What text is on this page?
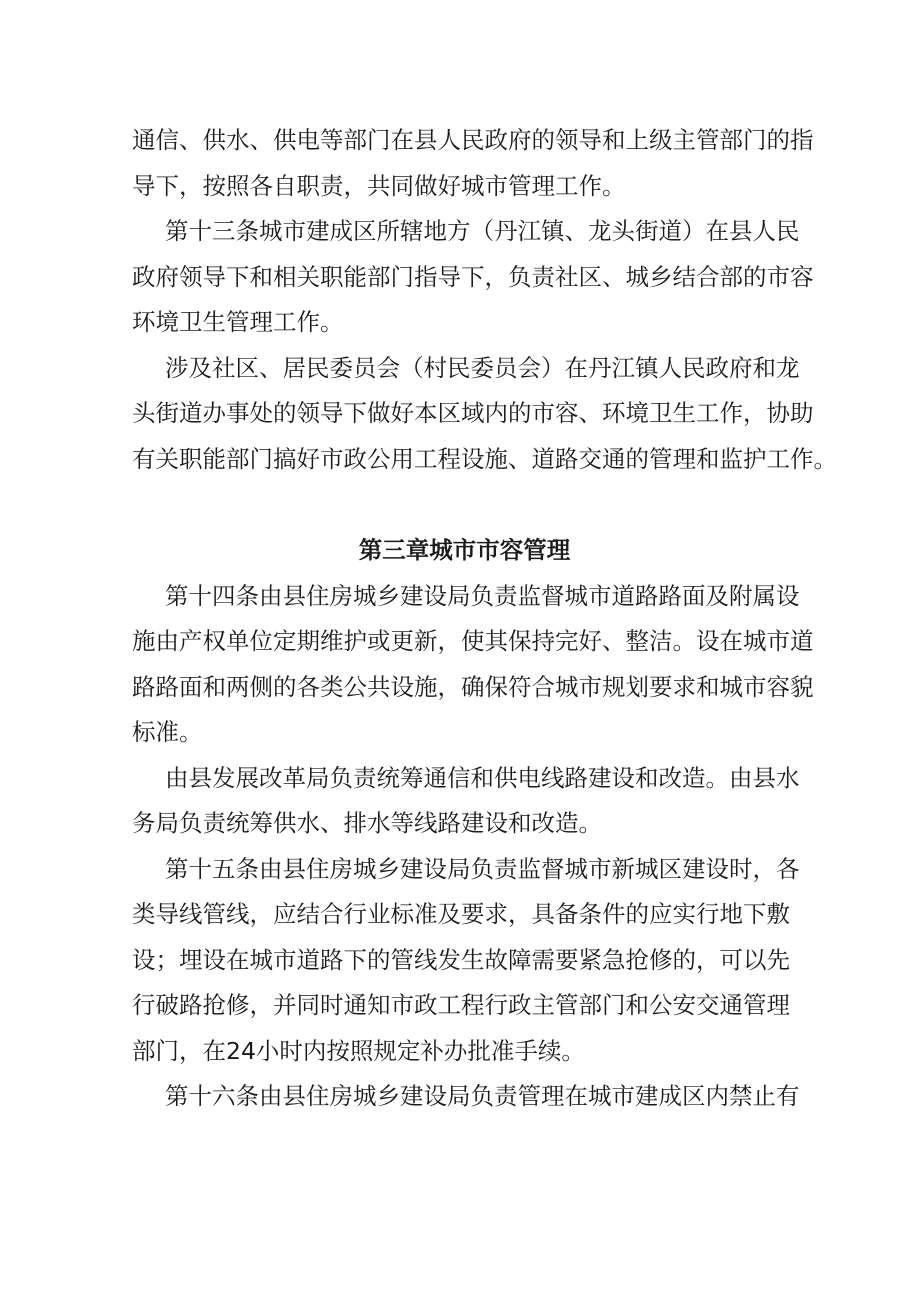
通信、供水、供电等部门在县人民政府的领导和上级主管部门的指
导下，按照各自职责，共同做好城市管理工作。

第十三条城市建成区所辖地方（丹江镇、龙头街道）在县人民
政府领导下和相关职能部门指导下，负责社区、城乡结合部的市容
环境卫生管理工作。

涉及社区、居民委员会（村民委员会）在丹江镇人民政府和龙
头街道办事处的领导下做好本区域内的市容、环境卫生工作，协助
有关职能部门搞好市政公用工程设施、道路交通的管理和监护工作。

第三章城市市容管理

第十四条由县住房城乡建设局负责监督城市道路路面及附属设
施由产权单位定期维护或更新，使其保持完好、整洁。设在城市道
路路面和两侧的各类公共设施，确保符合城市规划要求和城市容貌
标准。

由县发展改革局负责统筹通信和供电线路建设和改造。由县水
务局负责统筹供水、排水等线路建设和改造。

第十五条由县住房城乡建设局负责监督城市新城区建设时，各
类导线管线，应结合行业标准及要求，具备条件的应实行地下敷
设；埋设在城市道路下的管线发生故障需要紧急抢修的，可以先
行破路抢修，并同时通知市政工程行政主管部门和公安交通管理
部门，在24小时内按照规定补办批准手续。

第十六条由县住房城乡建设局负责管理在城市建成区内禁止有
